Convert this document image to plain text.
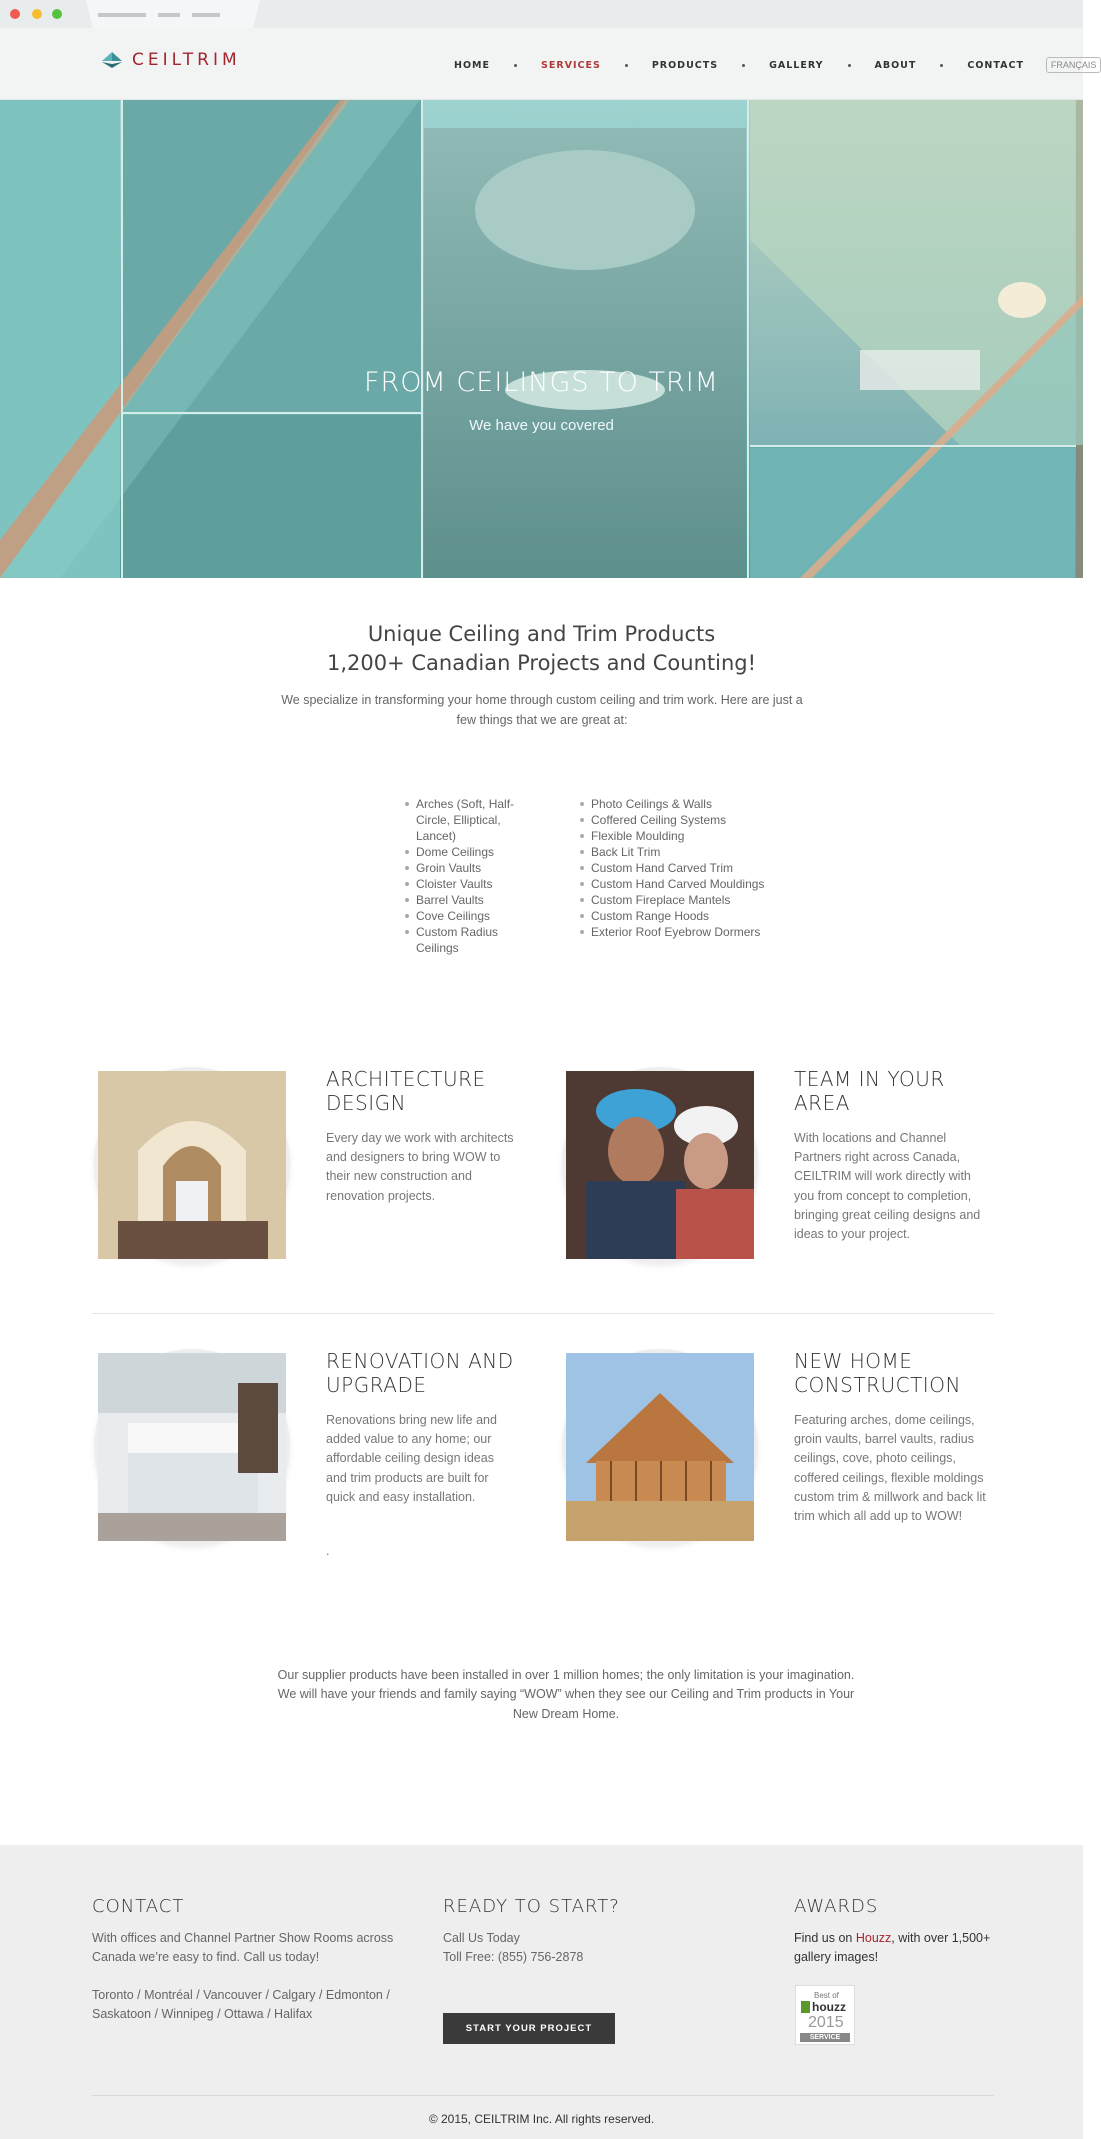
CEILTRIM	HOME	SERVICES	PRODUCTS	GALLERY	ABOUT	CONTACT	FRANÇAIS
FROM CEILINGS TO TRIM
We have you covered
Unique Ceiling and Trim Products
1,200+ Canadian Projects and Counting!

We specialize in transforming your home through custom ceiling and trim work. Here are just a few things that we are great at:

Arches (Soft, Half-Circle, Elliptical, Lancet)
Dome Ceilings
Groin Vaults
Cloister Vaults
Barrel Vaults
Cove Ceilings
Custom Radius Ceilings
Photo Ceilings & Walls
Coffered Ceiling Systems
Flexible Moulding
Back Lit Trim
Custom Hand Carved Trim
Custom Hand Carved Mouldings
Custom Fireplace Mantels
Custom Range Hoods
Exterior Roof Eyebrow Dormers
ARCHITECTURE DESIGN

Every day we work with architects and designers to bring WOW to their new construction and renovation projects.

TEAM IN YOUR AREA

With locations and Channel Partners right across Canada, CEILTRIM will work directly with you from concept to completion, bringing great ceiling designs and ideas to your project.

RENOVATION AND UPGRADE

Renovations bring new life and added value to any home; our affordable ceiling design ideas and trim products are built for quick and easy installation.

.
NEW HOME CONSTRUCTION

Featuring arches, dome ceilings, groin vaults, barrel vaults, radius ceilings, cove, photo ceilings, coffered ceilings, flexible moldings custom trim & millwork and back lit trim which all add up to WOW!

Our supplier products have been installed in over 1 million homes; the only limitation is your imagination. We will have your friends and family saying “WOW” when they see our Ceiling and Trim products in Your New Dream Home.

CONTACT

With offices and Channel Partner Show Rooms across Canada we’re easy to find. Call us today!

Toronto / Montréal / Vancouver / Calgary / Edmonton / Saskatoon / Winnipeg / Ottawa / Halifax

READY TO START?

Call Us Today

Toll Free: (855) 756-2878

START YOUR PROJECT
AWARDS

Find us on Houzz, with over 1,500+ gallery images!

Best of
houzz
2015
SERVICE

© 2015, CEILTRIM Inc. All rights reserved.
